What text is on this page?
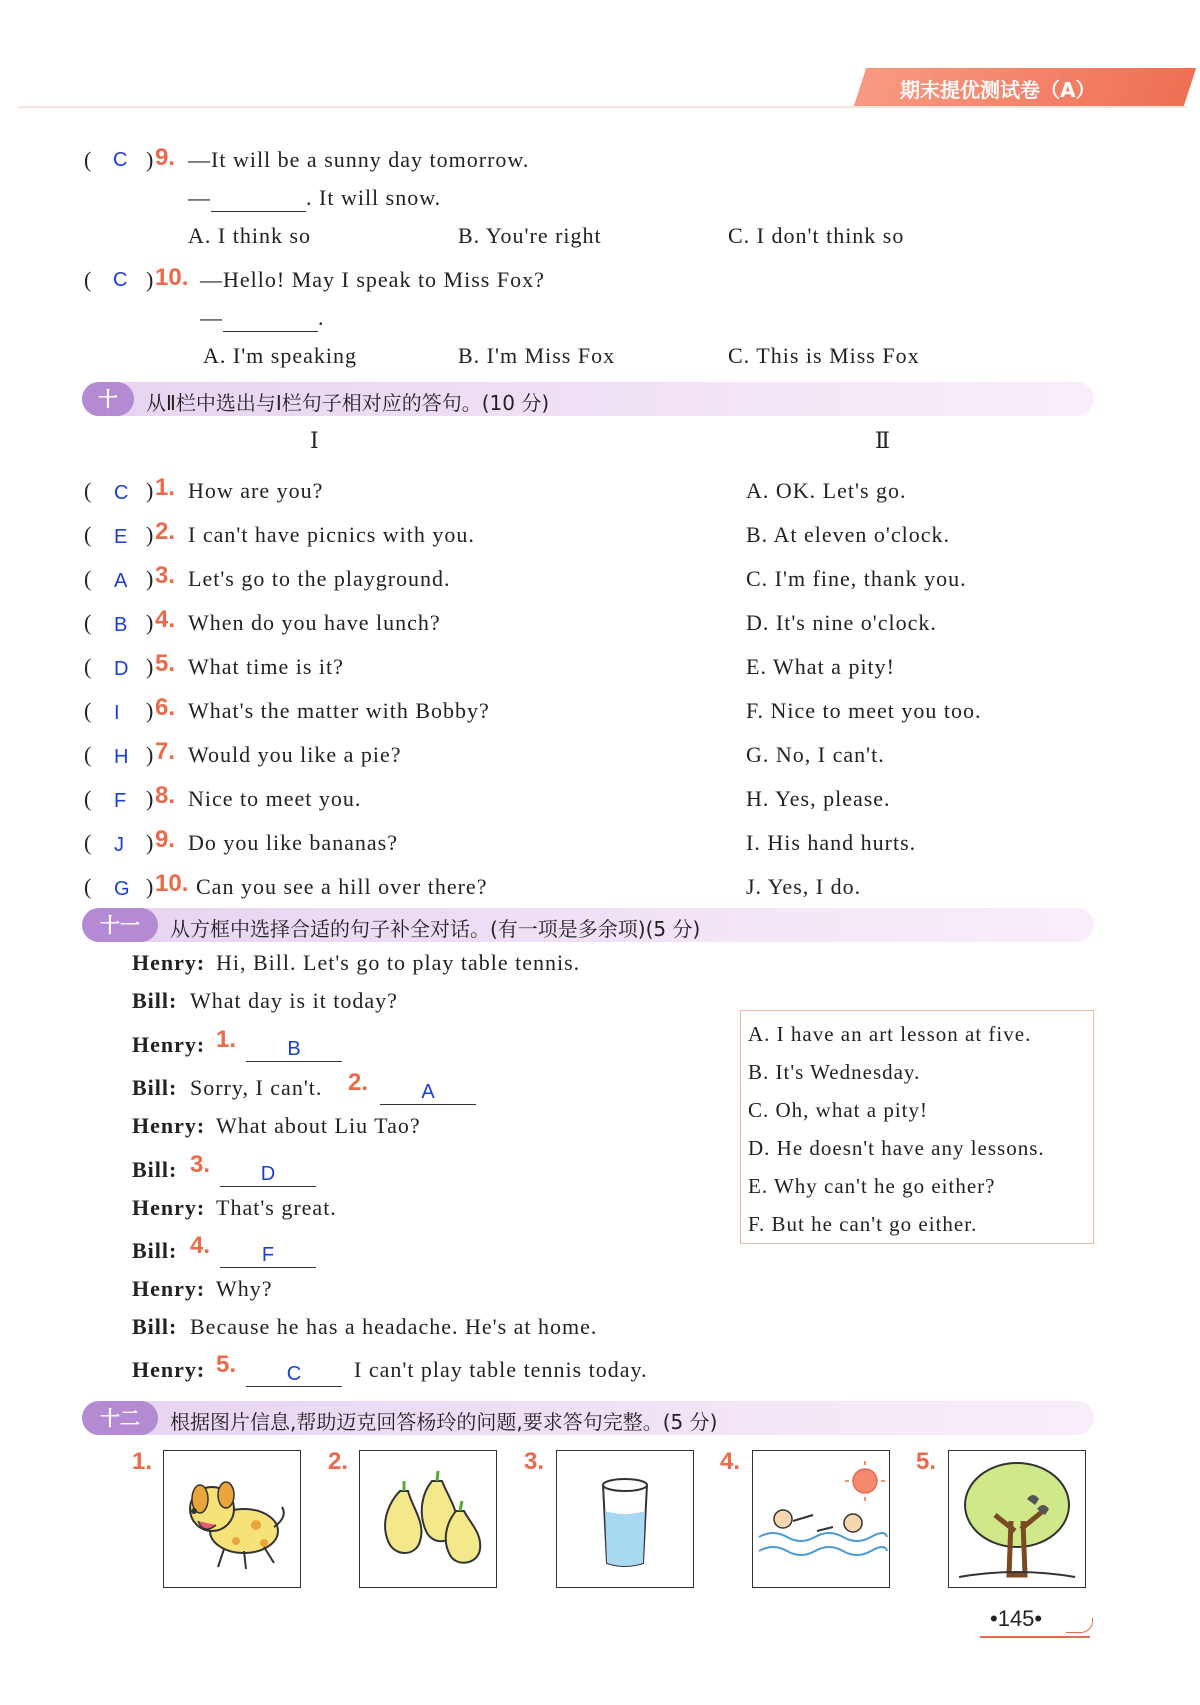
期末提优测试卷（A）
( C ) 9. —It will be a sunny day tomorrow.
—	. It will snow.
A. I think so	B. You're right	C. I don't think so
( C ) 10. —Hello! May I speak to Miss Fox?
—	.
A. I'm speaking	B. I'm Miss Fox	C. This is Miss Fox
十	从Ⅱ栏中选出与Ⅰ栏句子相对应的答句。(10 分)
Ⅰ	Ⅱ
( C ) 1. How are you?	A. OK. Let's go.
( E ) 2. I can't have picnics with you.	B. At eleven o'clock.
( A ) 3. Let's go to the playground.	C. I'm fine, thank you.
( B ) 4. When do you have lunch?	D. It's nine o'clock.
( D ) 5. What time is it?	E. What a pity!
( I ) 6. What's the matter with Bobby?	F. Nice to meet you too.
( H ) 7. Would you like a pie?	G. No, I can't.
( F ) 8. Nice to meet you.	H. Yes, please.
( J ) 9. Do you like bananas?	I. His hand hurts.
( G ) 10. Can you see a hill over there?	J. Yes, I do.
十一	从方框中选择合适的句子补全对话。(有一项是多余项)(5 分)
Henry: Hi, Bill. Let's go to play table tennis.
Bill: What day is it today?
Henry: 1.	B
Bill: Sorry, I can't. 2.	A
Henry: What about Liu Tao?
Bill: 3.	D
Henry: That's great.
Bill: 4.	F
Henry: Why?
Bill: Because he has a headache. He's at home.
Henry: 5.	C	I can't play table tennis today.
A. I have an art lesson at five.
B. It's Wednesday.
C. Oh, what a pity!
D. He doesn't have any lessons.
E. Why can't he go either?
F. But he can't go either.
十二	根据图片信息,帮助迈克回答杨玲的问题,要求答句完整。(5 分)
1.	2.	3.	4.	5.
•145•
